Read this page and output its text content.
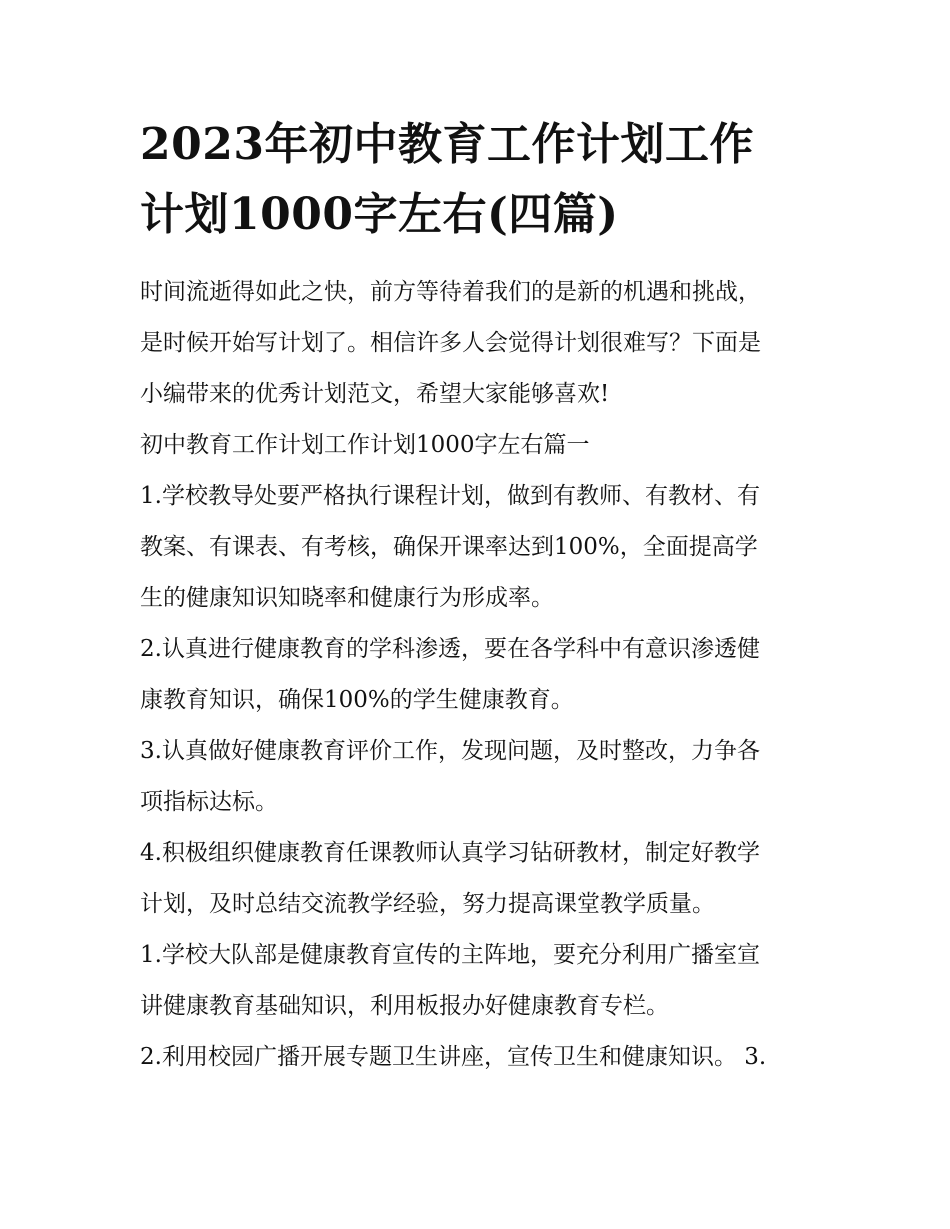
2023年初中教育工作计划工作
计划1000字左右(四篇)

时间流逝得如此之快，前方等待着我们的是新的机遇和挑战，
是时候开始写计划了。相信许多人会觉得计划很难写？下面是
小编带来的优秀计划范文，希望大家能够喜欢!

初中教育工作计划工作计划1000字左右篇一

1.学校教导处要严格执行课程计划，做到有教师、有教材、有
教案、有课表、有考核，确保开课率达到100%，全面提高学
生的健康知识知晓率和健康行为形成率。

2.认真进行健康教育的学科渗透，要在各学科中有意识渗透健
康教育知识，确保100%的学生健康教育。

3.认真做好健康教育评价工作，发现问题，及时整改，力争各
项指标达标。

4.积极组织健康教育任课教师认真学习钻研教材，制定好教学
计划，及时总结交流教学经验，努力提高课堂教学质量。

1.学校大队部是健康教育宣传的主阵地，要充分利用广播室宣
讲健康教育基础知识，利用板报办好健康教育专栏。

2.利用校园广播开展专题卫生讲座，宣传卫生和健康知识。 3.
